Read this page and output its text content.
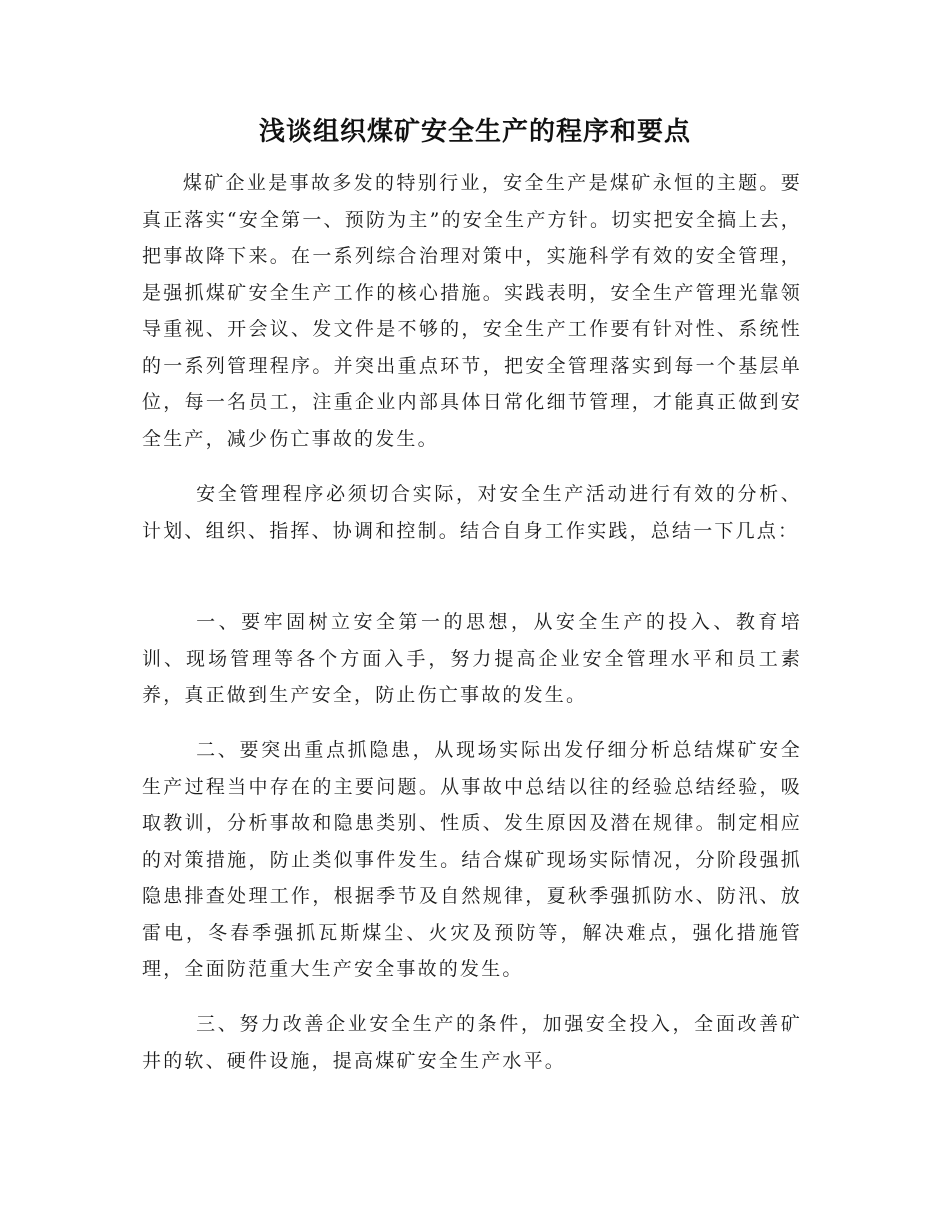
浅谈组织煤矿安全生产的程序和要点

煤矿企业是事故多发的特别行业，安全生产是煤矿永恒的主题。要真正落实“安全第一、预防为主”的安全生产方针。切实把安全搞上去，把事故降下来。在一系列综合治理对策中，实施科学有效的安全管理，是强抓煤矿安全生产工作的核心措施。实践表明，安全生产管理光靠领导重视、开会议、发文件是不够的，安全生产工作要有针对性、系统性的一系列管理程序。并突出重点环节，把安全管理落实到每一个基层单位，每一名员工，注重企业内部具体日常化细节管理，才能真正做到安全生产，减少伤亡事故的发生。

安全管理程序必须切合实际，对安全生产活动进行有效的分析、计划、组织、指挥、协调和控制。结合自身工作实践，总结一下几点：

一、要牢固树立安全第一的思想，从安全生产的投入、教育培训、现场管理等各个方面入手，努力提高企业安全管理水平和员工素养，真正做到生产安全，防止伤亡事故的发生。

二、要突出重点抓隐患，从现场实际出发仔细分析总结煤矿安全生产过程当中存在的主要问题。从事故中总结以往的经验总结经验，吸取教训，分析事故和隐患类别、性质、发生原因及潜在规律。制定相应的对策措施，防止类似事件发生。结合煤矿现场实际情况，分阶段强抓隐患排查处理工作，根据季节及自然规律，夏秋季强抓防水、防汛、放雷电，冬春季强抓瓦斯煤尘、火灾及预防等，解决难点，强化措施管理，全面防范重大生产安全事故的发生。

三、努力改善企业安全生产的条件，加强安全投入，全面改善矿井的软、硬件设施，提高煤矿安全生产水平。
